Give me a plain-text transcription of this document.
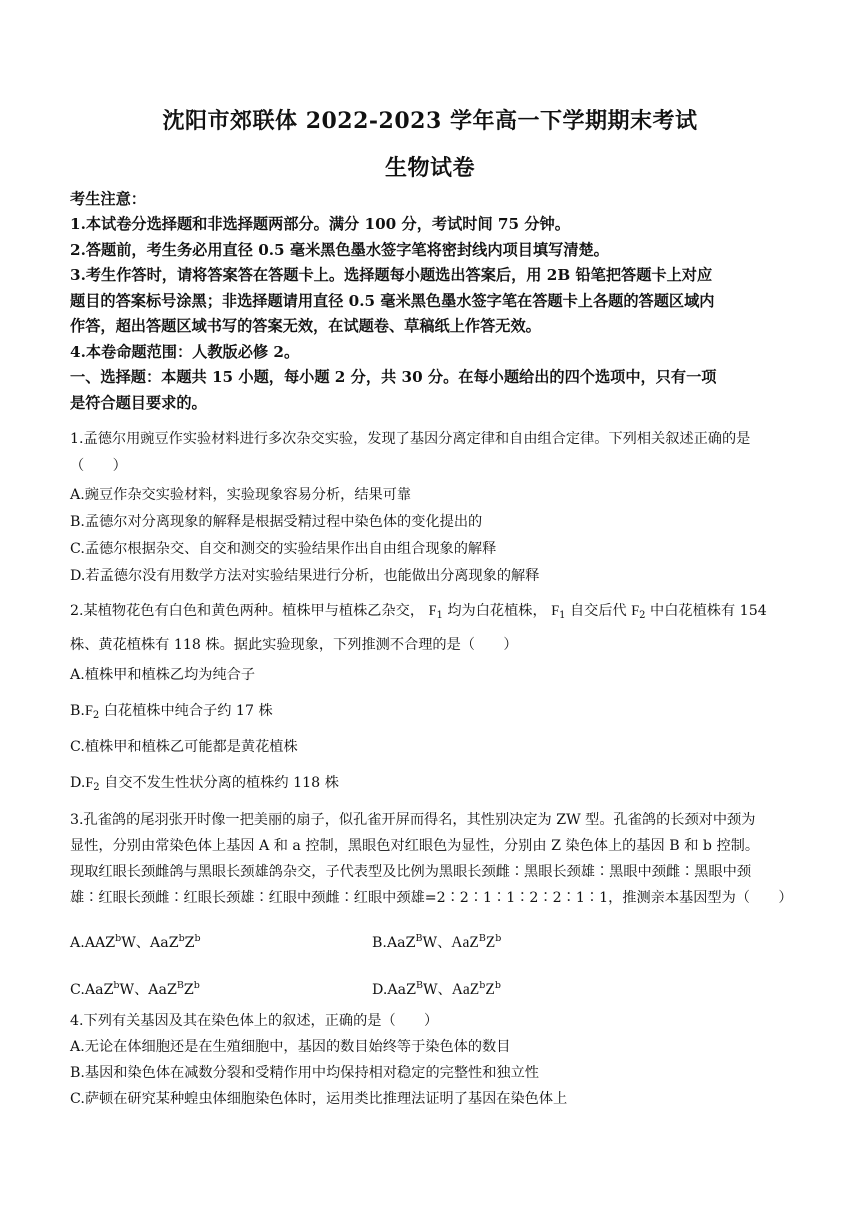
沈阳市郊联体 2022-2023 学年高一下学期期末考试
生物试卷
考生注意：
1.本试卷分选择题和非选择题两部分。满分 100 分，考试时间 75 分钟。
2.答题前，考生务必用直径 0.5 毫米黑色墨水签字笔将密封线内项目填写清楚。
3.考生作答时，请将答案答在答题卡上。选择题每小题选出答案后，用 2B 铅笔把答题卡上对应
题目的答案标号涂黑；非选择题请用直径 0.5 毫米黑色墨水签字笔在答题卡上各题的答题区域内
作答，超出答题区域书写的答案无效，在试题卷、草稿纸上作答无效。
4.本卷命题范围：人教版必修 2。
一、选择题：本题共 15 小题，每小题 2 分，共 30 分。在每小题给出的四个选项中，只有一项
是符合题目要求的。
1.孟德尔用豌豆作实验材料进行多次杂交实验，发现了基因分离定律和自由组合定律。下列相关叙述正确的是
（　　）
A.豌豆作杂交实验材料，实验现象容易分析，结果可靠
B.孟德尔对分离现象的解释是根据受精过程中染色体的变化提出的
C.孟德尔根据杂交、自交和测交的实验结果作出自由组合现象的解释
D.若孟德尔没有用数学方法对实验结果进行分析，也能做出分离现象的解释
2.某植物花色有白色和黄色两种。植株甲与植株乙杂交， $F_1$ 均为白花植株， $F_1$ 自交后代 $F_2$ 中白花植株有 154
株、黄花植株有 118 株。据此实验现象，下列推测不合理的是（　　）
A.植株甲和植株乙均为纯合子
$B.F_2$ 白花植株中纯合子约 17 株
C.植株甲和植株乙可能都是黄花植株
$D.F_2$ 自交不发生性状分离的植株约 118 株
3.孔雀鸽的尾羽张开时像一把美丽的扇子，似孔雀开屏而得名，其性别决定为 ZW 型。孔雀鸽的长颈对中颈为
显性，分别由常染色体上基因 A 和 a 控制，黑眼色对红眼色为显性，分别由 Z 染色体上的基因 B 和 b 控制。
现取红眼长颈雌鸽与黑眼长颈雄鸽杂交，子代表型及比例为黑眼长颈雌∶黑眼长颈雄∶黑眼中颈雌∶黑眼中颈
雄∶红眼长颈雌∶红眼长颈雄∶红眼中颈雌∶红眼中颈雄=2∶2∶1∶1∶2∶2∶1∶1，推测亲本基因型为（　　）
A.AAZ$^b$W、$AaZ^bZ^b$	B.AaZ$^B$W、$AaZ^BZ^b$
C.AaZ$^b$W、$AaZ^BZ^b$	D.AaZ$^B$W、$AaZ^bZ^b$
4.下列有关基因及其在染色体上的叙述，正确的是（　　）
A.无论在体细胞还是在生殖细胞中，基因的数目始终等于染色体的数目
B.基因和染色体在减数分裂和受精作用中均保持相对稳定的完整性和独立性
C.萨顿在研究某种蝗虫体细胞染色体时，运用类比推理法证明了基因在染色体上
